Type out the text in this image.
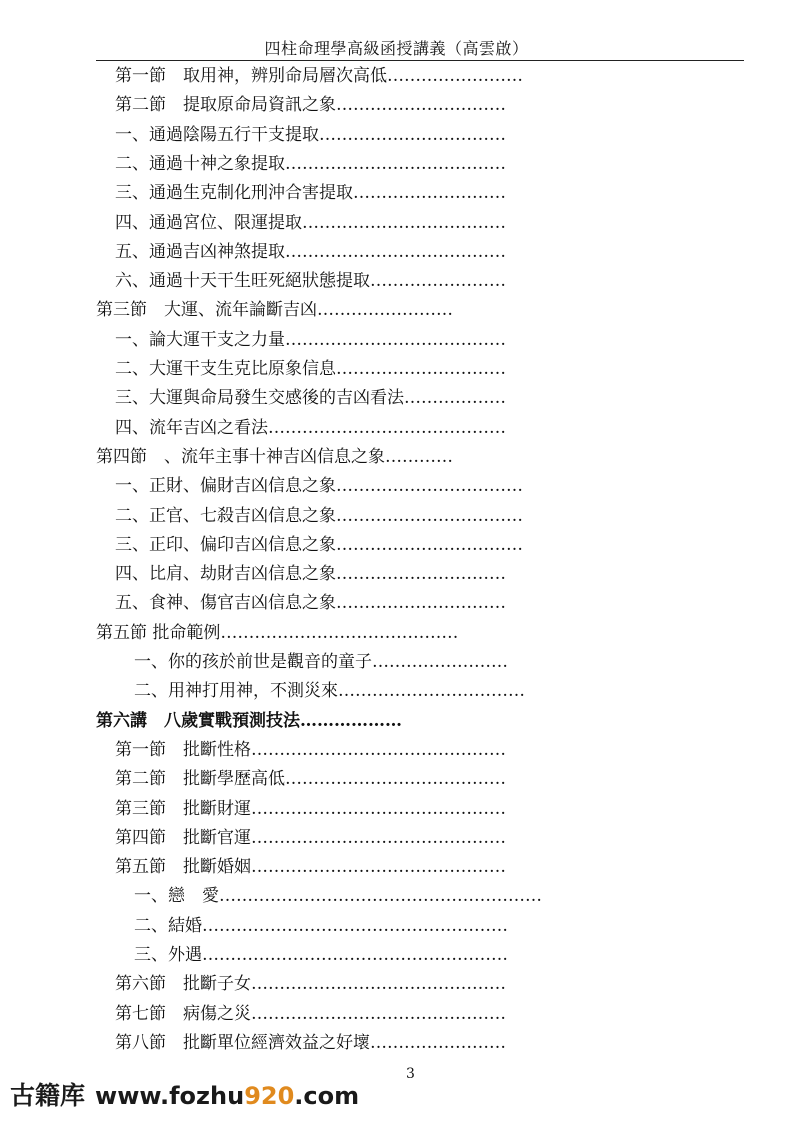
四柱命理學高級函授講義（高雲啟）
第一節　取用神，辨別命局層次高低……………………
第二節　提取原命局資訊之象…………………………
一、通過陰陽五行干支提取……………………………
二、通過十神之象提取…………………………………
三、通過生克制化刑沖合害提取………………………
四、通過宮位、限運提取………………………………
五、通過吉凶神煞提取…………………………………
六、通過十天干生旺死絕狀態提取……………………
第三節　大運、流年論斷吉凶……………………
一、論大運干支之力量…………………………………
二、大運干支生克比原象信息…………………………
三、大運與命局發生交感後的吉凶看法………………
四、流年吉凶之看法……………………………………
第四節　、流年主事十神吉凶信息之象…………
一、正財、偏財吉凶信息之象……………………………
二、正官、七殺吉凶信息之象……………………………
三、正印、偏印吉凶信息之象……………………………
四、比肩、劫財吉凶信息之象…………………………
五、食神、傷官吉凶信息之象…………………………
第五節 批命範例……………………………………
一、你的孩於前世是觀音的童子……………………
二、用神打用神，不測災來……………………………
第六講　八歲實戰預測技法………………
第一節　批斷性格………………………………………
第二節　批斷學歷高低…………………………………
第三節　批斷財運………………………………………
第四節　批斷官運………………………………………
第五節　批斷婚姻………………………………………
一、戀　愛…………………………………………………
二、結婚………………………………………………
三、外遇………………………………………………
第六節　批斷子女………………………………………
第七節　病傷之災………………………………………
第八節　批斷單位經濟效益之好壞……………………
3
古籍库 www.fozhu920.com
